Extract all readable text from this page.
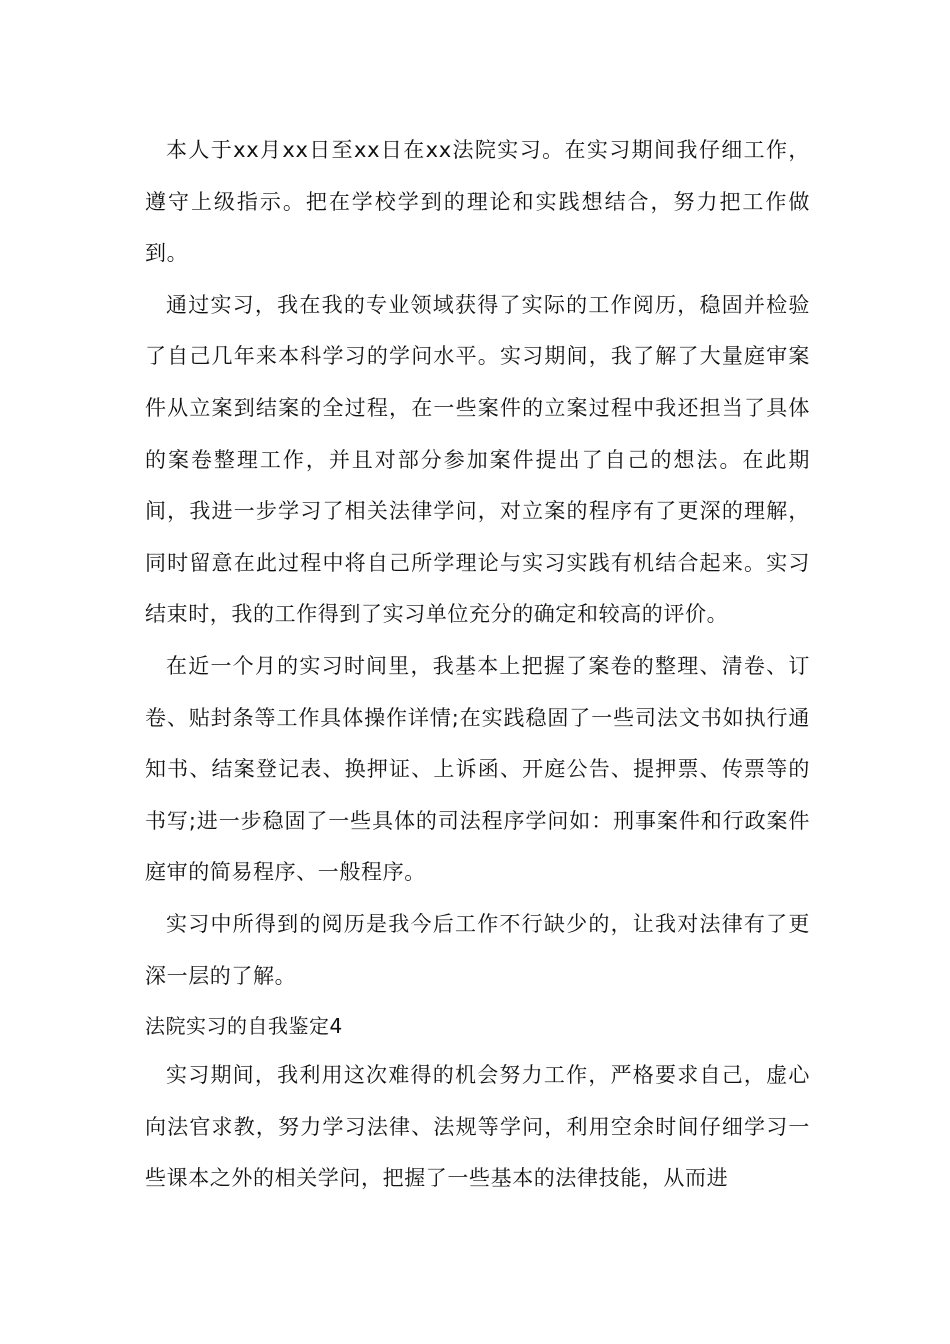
本人于xx月xx日至xx日在xx法院实习。在实习期间我仔细工作，遵守上级指示。把在学校学到的理论和实践想结合，努力把工作做到。

通过实习，我在我的专业领域获得了实际的工作阅历，稳固并检验了自己几年来本科学习的学问水平。实习期间，我了解了大量庭审案件从立案到结案的全过程，在一些案件的立案过程中我还担当了具体的案卷整理工作，并且对部分参加案件提出了自己的想法。在此期间，我进一步学习了相关法律学问，对立案的程序有了更深的理解，同时留意在此过程中将自己所学理论与实习实践有机结合起来。实习结束时，我的工作得到了实习单位充分的确定和较高的评价。

在近一个月的实习时间里，我基本上把握了案卷的整理、清卷、订卷、贴封条等工作具体操作详情;在实践稳固了一些司法文书如执行通知书、结案登记表、换押证、上诉函、开庭公告、提押票、传票等的书写;进一步稳固了一些具体的司法程序学问如：刑事案件和行政案件庭审的简易程序、一般程序。

实习中所得到的阅历是我今后工作不行缺少的，让我对法律有了更深一层的了解。

法院实习的自我鉴定4

实习期间，我利用这次难得的机会努力工作，严格要求自己，虚心向法官求教，努力学习法律、法规等学问，利用空余时间仔细学习一些课本之外的相关学问，把握了一些基本的法律技能，从而进
